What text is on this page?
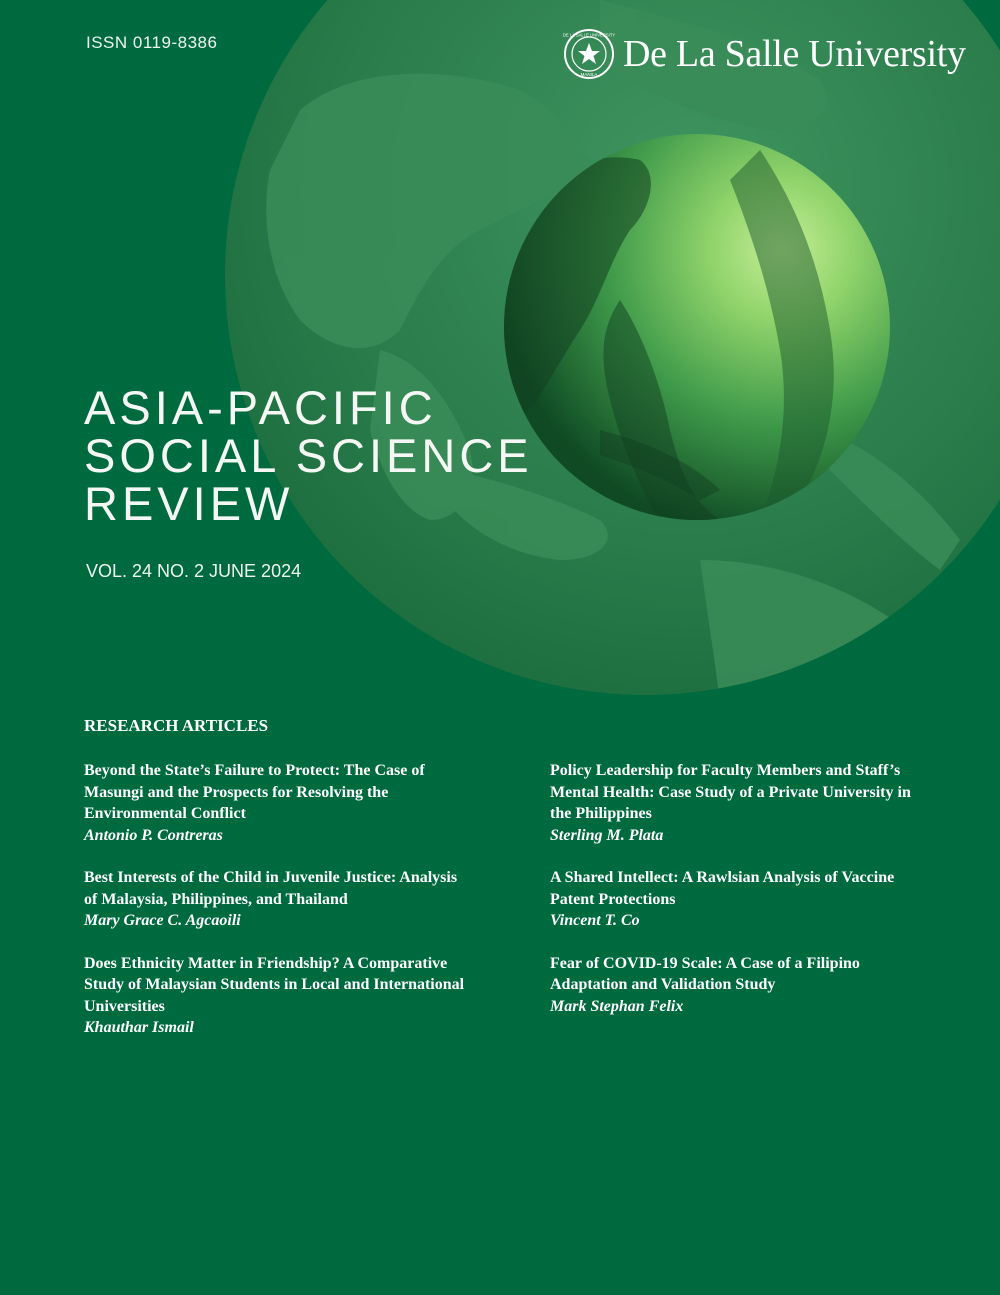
ISSN 0119-8386	DE LA SALLE UNIVERSITY
MANILA De La Salle University
ASIA-PACIFIC
SOCIAL SCIENCE
REVIEW
VOL. 24 NO. 2 JUNE 2024
RESEARCH ARTICLES
Beyond the State’s Failure to Protect: The Case of
Masungi and the Prospects for Resolving the
Environmental Conflict
Antonio P. Contreras
Best Interests of the Child in Juvenile Justice: Analysis
of Malaysia, Philippines, and Thailand
Mary Grace C. Agcaoili
Does Ethnicity Matter in Friendship? A Comparative
Study of Malaysian Students in Local and International
Universities
Khauthar Ismail
Policy Leadership for Faculty Members and Staff’s
Mental Health: Case Study of a Private University in
the Philippines
Sterling M. Plata
A Shared Intellect: A Rawlsian Analysis of Vaccine
Patent Protections
Vincent T. Co
Fear of COVID-19 Scale: A Case of a Filipino
Adaptation and Validation Study
Mark Stephan Felix
